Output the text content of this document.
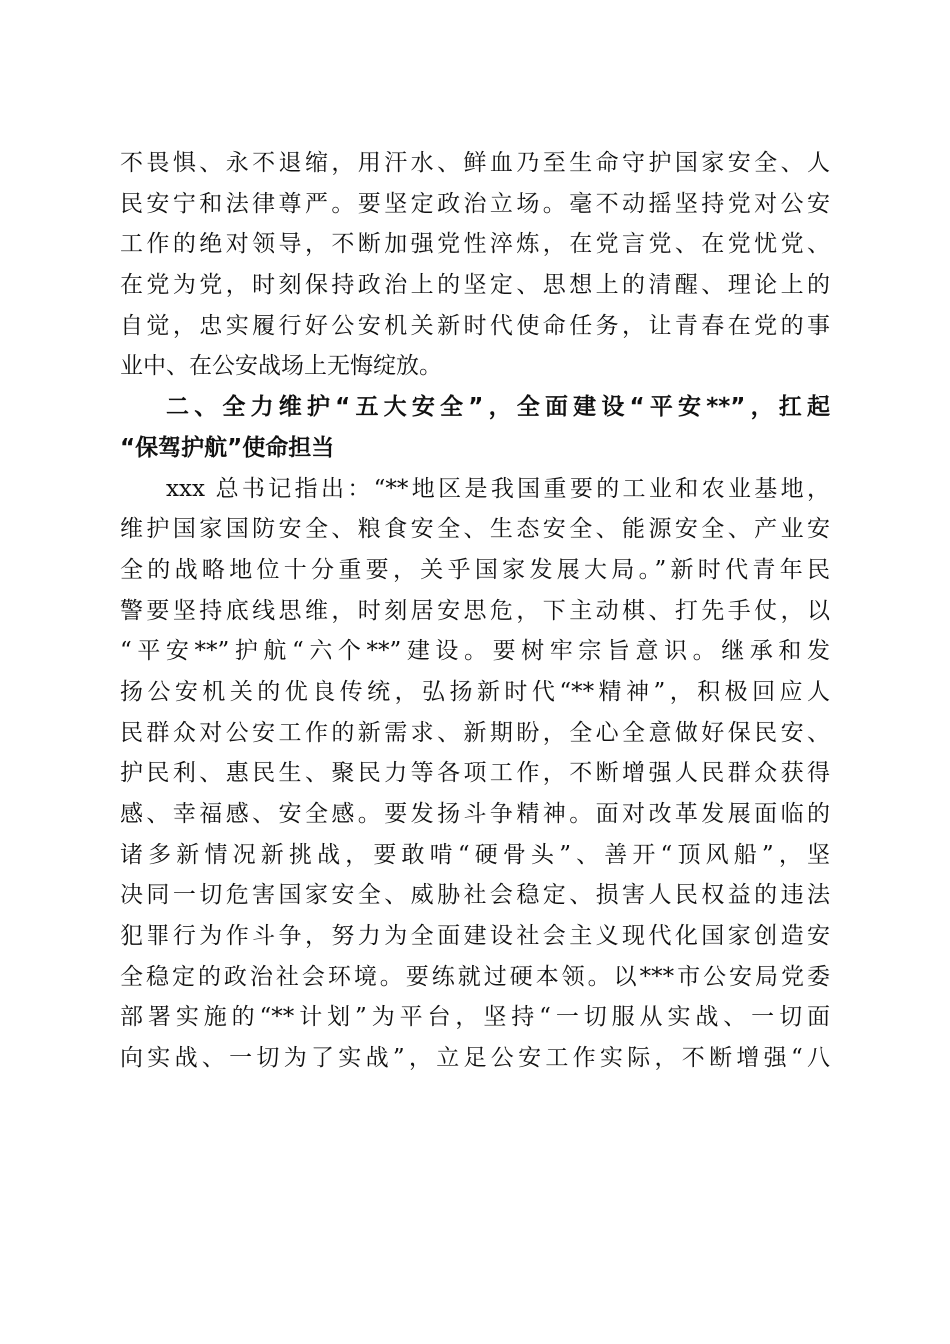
不畏惧、永不退缩，用汗水、鲜血乃至生命守护国家安全、人
民安宁和法律尊严。要坚定政治立场。毫不动摇坚持党对公安
工作的绝对领导，不断加强党性淬炼，在党言党、在党忧党、
在党为党，时刻保持政治上的坚定、思想上的清醒、理论上的
自觉，忠实履行好公安机关新时代使命任务，让青春在党的事
业中、在公安战场上无悔绽放。
二、全力维护“五大安全”，全面建设“平安**”，扛起
“保驾护航”使命担当
xxx 总书记指出：“**地区是我国重要的工业和农业基地，
维护国家国防安全、粮食安全、生态安全、能源安全、产业安
全的战略地位十分重要，关乎国家发展大局。”新时代青年民
警要坚持底线思维，时刻居安思危，下主动棋、打先手仗，以
“平安**”护航“六个**”建设。要树牢宗旨意识。继承和发
扬公安机关的优良传统，弘扬新时代“**精神”，积极回应人
民群众对公安工作的新需求、新期盼，全心全意做好保民安、
护民利、惠民生、聚民力等各项工作，不断增强人民群众获得
感、幸福感、安全感。要发扬斗争精神。面对改革发展面临的
诸多新情况新挑战，要敢啃“硬骨头”、善开“顶风船”，坚
决同一切危害国家安全、威胁社会稳定、损害人民权益的违法
犯罪行为作斗争，努力为全面建设社会主义现代化国家创造安
全稳定的政治社会环境。要练就过硬本领。以***市公安局党委
部署实施的“**计划”为平台，坚持“一切服从实战、一切面
向实战、一切为了实战”，立足公安工作实际，不断增强“八
